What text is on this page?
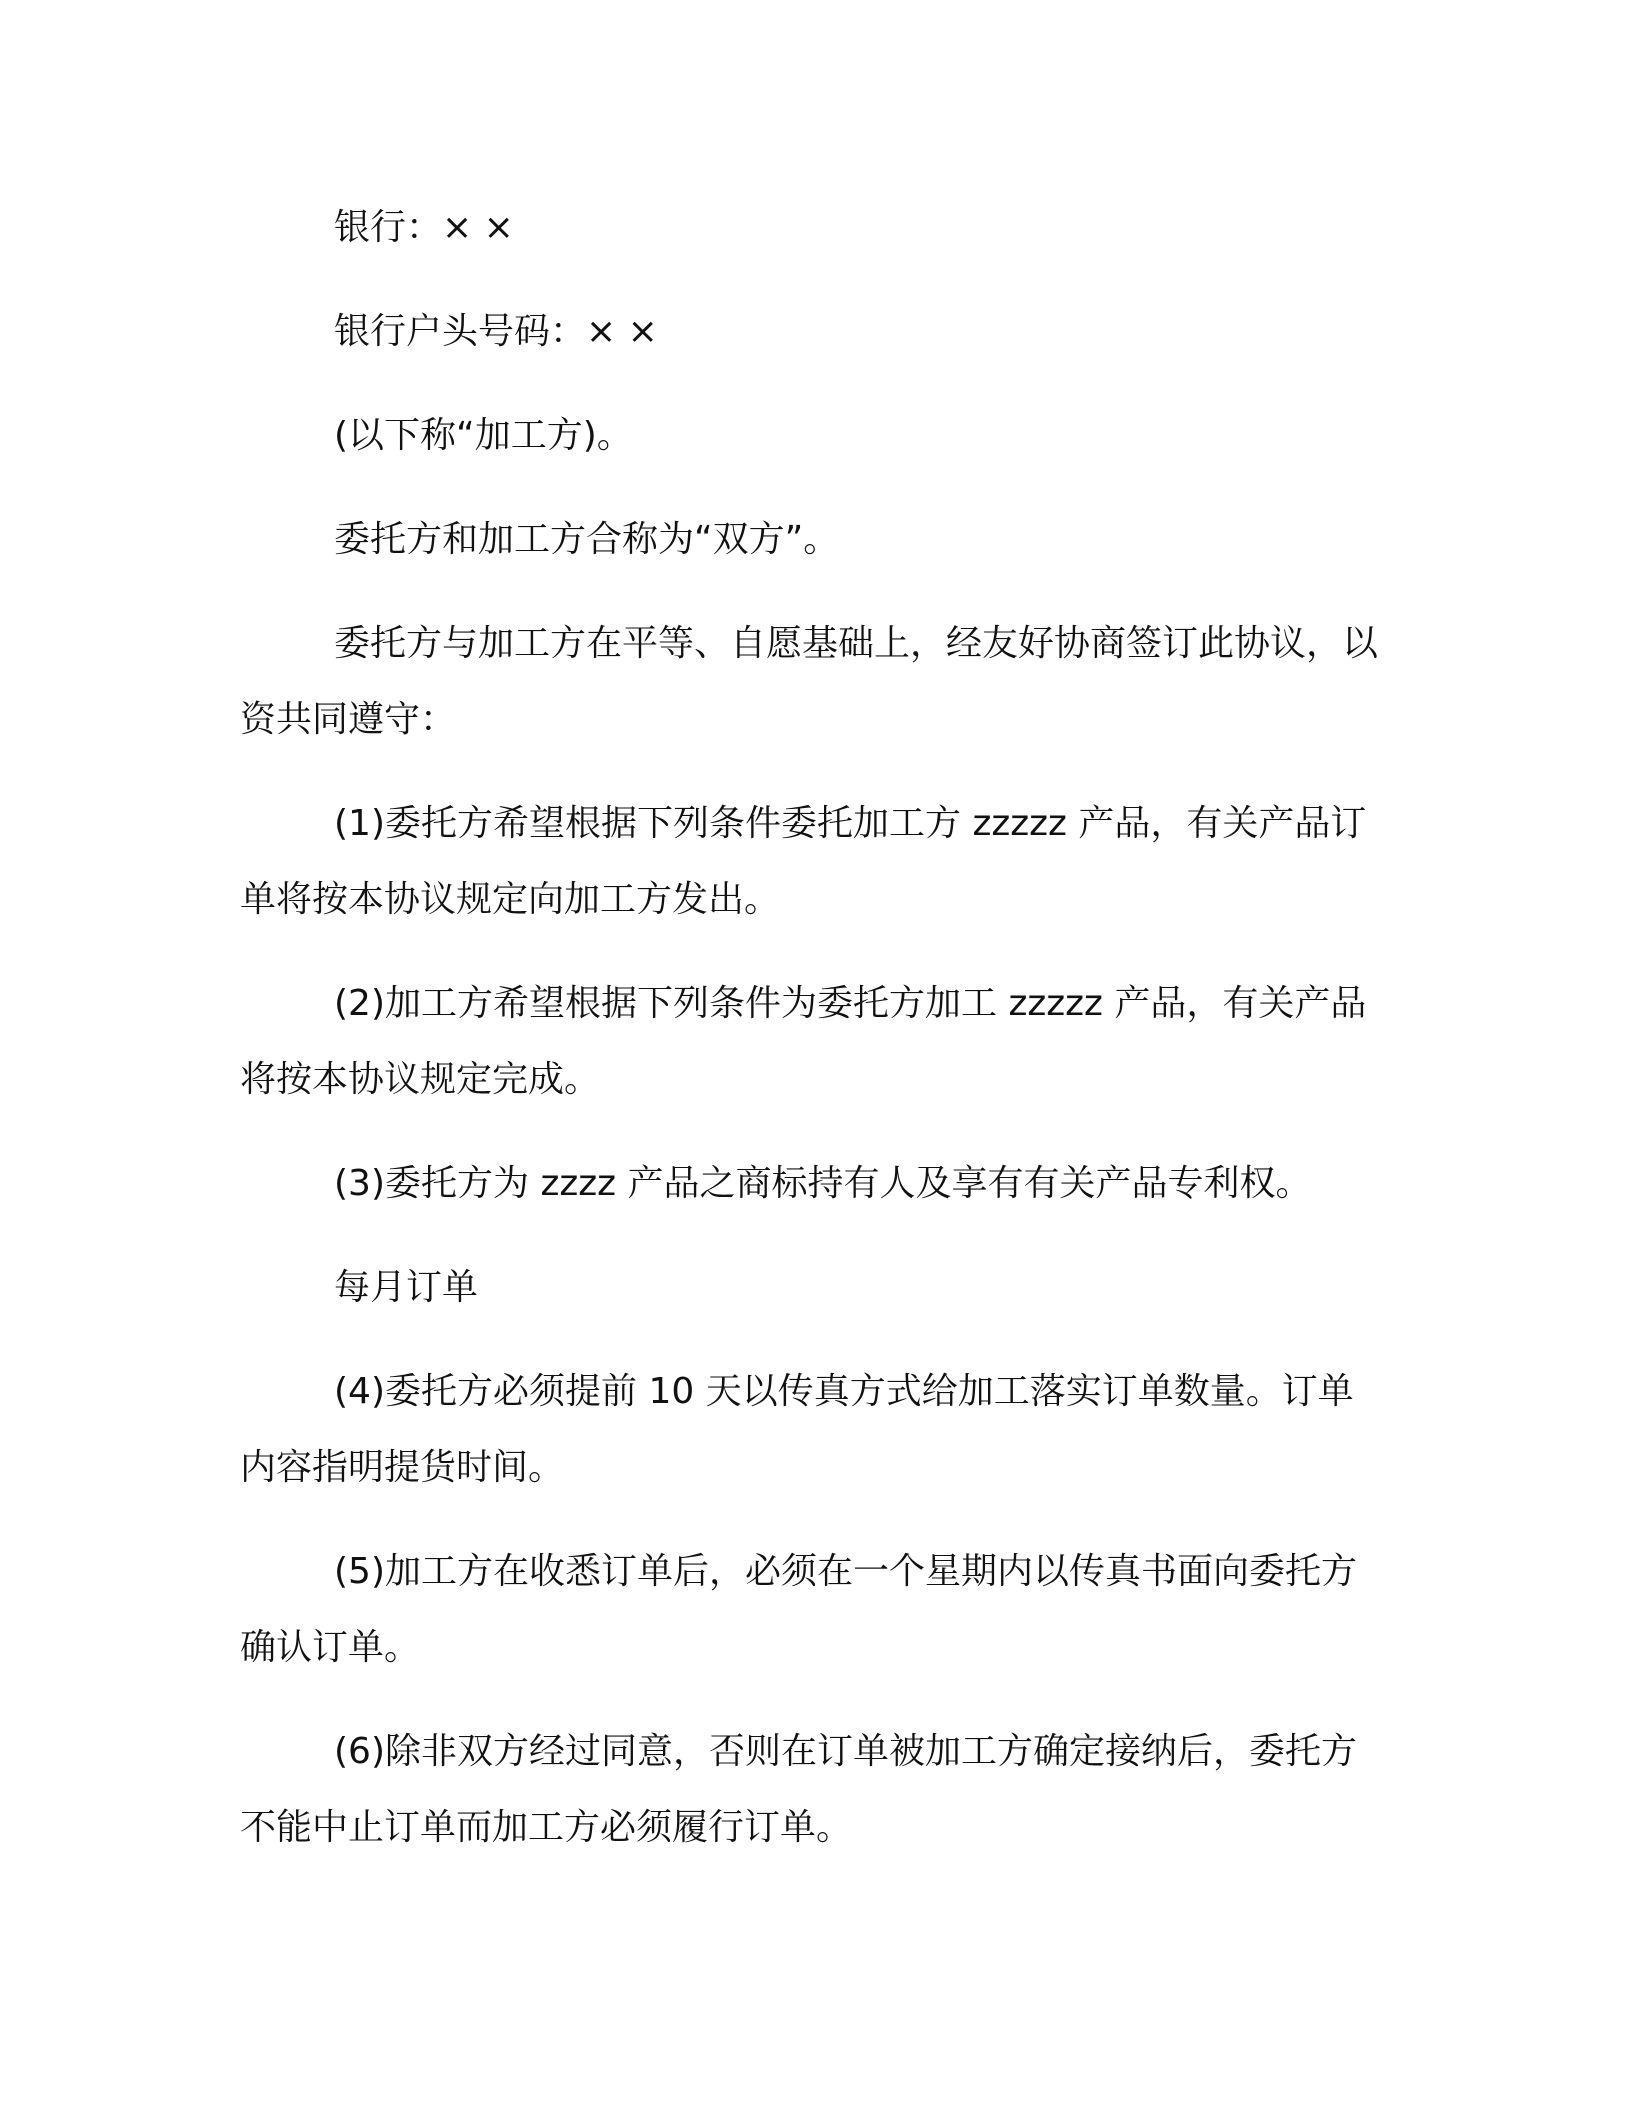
银行：× ×

银行户头号码：× ×

(以下称“加工方)。

委托方和加工方合称为“双方”。

委托方与加工方在平等、自愿基础上，经友好协商签订此协议，以资共同遵守：

(1)委托方希望根据下列条件委托加工方 zzzzz 产品，有关产品订单将按本协议规定向加工方发出。

(2)加工方希望根据下列条件为委托方加工 zzzzz 产品，有关产品将按本协议规定完成。

(3)委托方为 zzzz 产品之商标持有人及享有有关产品专利权。

每月订单

(4)委托方必须提前 10 天以传真方式给加工落实订单数量。订单内容指明提货时间。

(5)加工方在收悉订单后，必须在一个星期内以传真书面向委托方确认订单。

(6)除非双方经过同意，否则在订单被加工方确定接纳后，委托方不能中止订单而加工方必须履行订单。
